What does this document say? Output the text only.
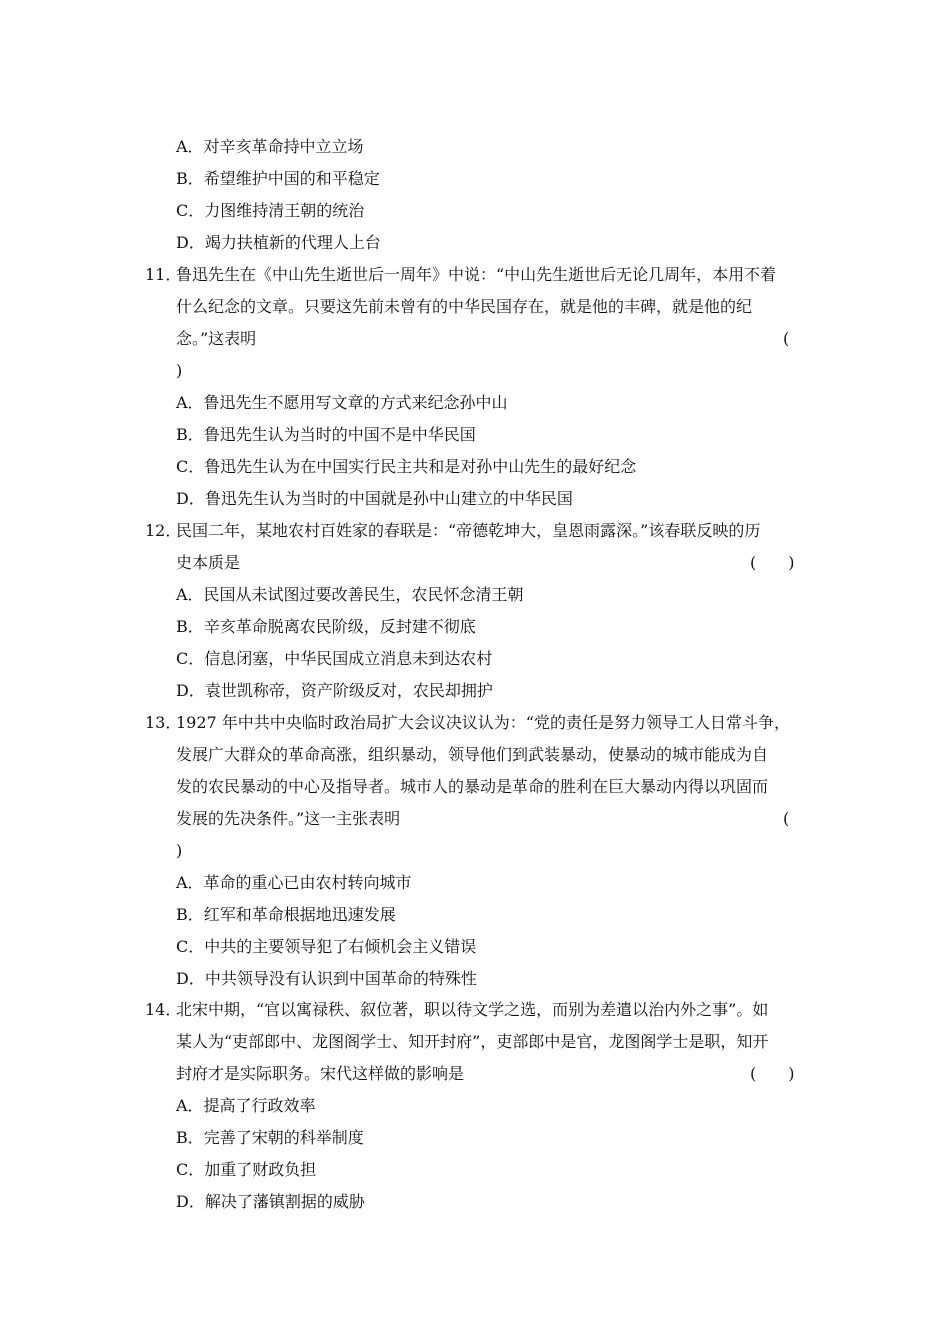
A．对辛亥革命持中立立场
B．希望维护中国的和平稳定
C．力图维持清王朝的统治
D．竭力扶植新的代理人上台
11．
鲁迅先生在《中山先生逝世后一周年》中说：“中山先生逝世后无论几周年，本用不着
什么纪念的文章。只要这先前未曾有的中华民国存在，就是他的丰碑，就是他的纪
念。”这表明	(
)
A．鲁迅先生不愿用写文章的方式来纪念孙中山
B．鲁迅先生认为当时的中国不是中华民国
C．鲁迅先生认为在中国实行民主共和是对孙中山先生的最好纪念
D．鲁迅先生认为当时的中国就是孙中山建立的中华民国
12．
民国二年，某地农村百姓家的春联是：“帝德乾坤大，皇恩雨露深。”该春联反映的历
史本质是	(　　)
A．民国从未试图过要改善民生，农民怀念清王朝
B．辛亥革命脱离农民阶级，反封建不彻底
C．信息闭塞，中华民国成立消息未到达农村
D．袁世凯称帝，资产阶级反对，农民却拥护
13．
1927 年中共中央临时政治局扩大会议决议认为：“党的责任是努力领导工人日常斗争，
发展广大群众的革命高涨，组织暴动，领导他们到武装暴动，使暴动的城市能成为自
发的农民暴动的中心及指导者。城市人的暴动是革命的胜利在巨大暴动内得以巩固而
发展的先决条件。”这一主张表明	(
)
A．革命的重心已由农村转向城市
B．红军和革命根据地迅速发展
C．中共的主要领导犯了右倾机会主义错误
D．中共领导没有认识到中国革命的特殊性
14．
北宋中期，“官以寓禄秩、叙位著，职以待文学之选，而别为差遣以治内外之事”。如
某人为“吏部郎中、龙图阁学士、知开封府”，吏部郎中是官，龙图阁学士是职，知开
封府才是实际职务。宋代这样做的影响是	(　　)
A．提高了行政效率
B．完善了宋朝的科举制度
C．加重了财政负担
D．解决了藩镇割据的威胁
